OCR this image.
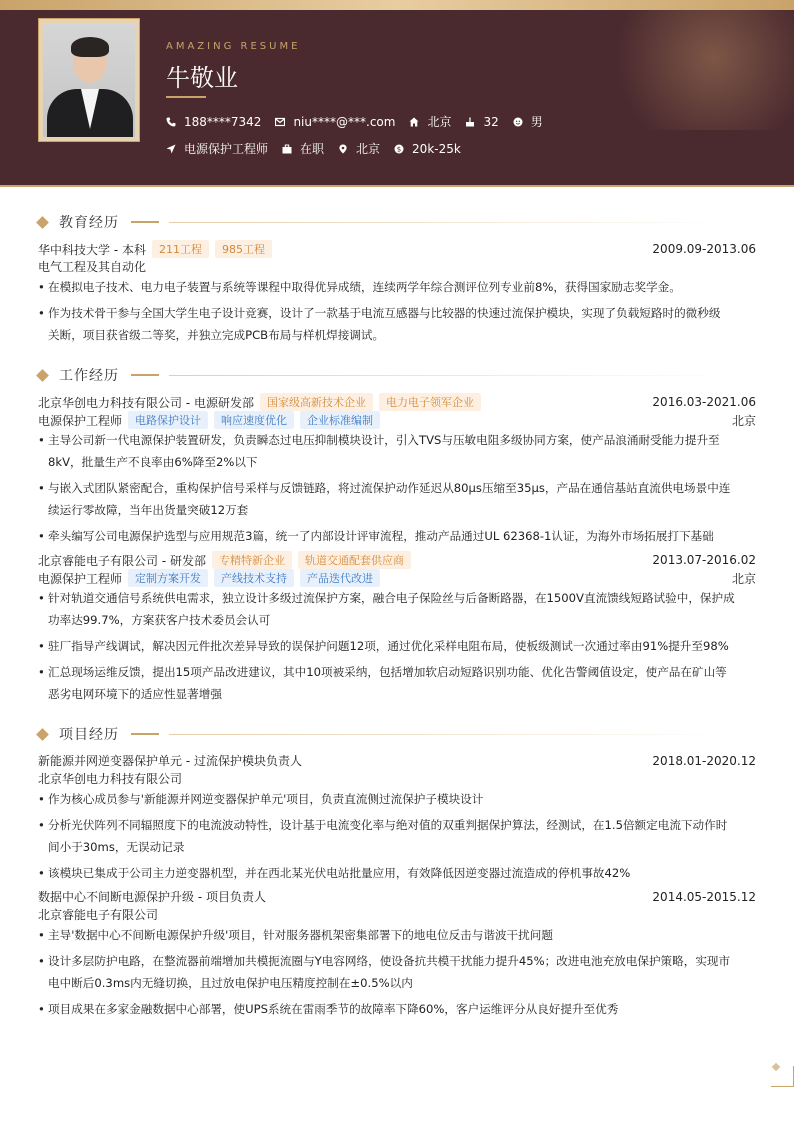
AMAZING RESUME
牛敬业
188****7342	niu****@***.com	北京	32	男
电源保护工程师	在职	北京 $ 20k-25k
教育经历
华中科技大学 - 本科	211工程	985工程	2009.09-2013.06
电气工程及其自动化
• 在模拟电子技术、电力电子装置与系统等课程中取得优异成绩，连续两学年综合测评位列专业前8%，获得国家励志奖学金。
• 作为技术骨干参与全国大学生电子设计竞赛，设计了一款基于电流互感器与比较器的快速过流保护模块，实现了负载短路时的微秒级
关断，项目获省级二等奖，并独立完成PCB布局与样机焊接调试。
工作经历
北京华创电力科技有限公司 - 电源研发部	国家级高新技术企业	电力电子领军企业	2016.03-2021.06
电源保护工程师	电路保护设计	响应速度优化	企业标准编制	北京
• 主导公司新一代电源保护装置研发，负责瞬态过电压抑制模块设计，引入TVS与压敏电阻多级协同方案，使产品浪涌耐受能力提升至
8kV，批量生产不良率由6%降至2%以下
• 与嵌入式团队紧密配合，重构保护信号采样与反馈链路，将过流保护动作延迟从80μs压缩至35μs，产品在通信基站直流供电场景中连
续运行零故障，当年出货量突破12万套
• 牵头编写公司电源保护选型与应用规范3篇，统一了内部设计评审流程，推动产品通过UL 62368-1认证，为海外市场拓展打下基础
北京睿能电子有限公司 - 研发部	专精特新企业	轨道交通配套供应商	2013.07-2016.02
电源保护工程师	定制方案开发	产线技术支持	产品迭代改进	北京
• 针对轨道交通信号系统供电需求，独立设计多级过流保护方案，融合电子保险丝与后备断路器，在1500V直流馈线短路试验中，保护成
功率达99.7%，方案获客户技术委员会认可
• 驻厂指导产线调试，解决因元件批次差异导致的误保护问题12项，通过优化采样电阻布局，使板级测试一次通过率由91%提升至98%
• 汇总现场运维反馈，提出15项产品改进建议，其中10项被采纳，包括增加软启动短路识别功能、优化告警阈值设定，使产品在矿山等
恶劣电网环境下的适应性显著增强
项目经历
新能源并网逆变器保护单元 - 过流保护模块负责人	2018.01-2020.12
北京华创电力科技有限公司
• 作为核心成员参与'新能源并网逆变器保护单元'项目，负责直流侧过流保护子模块设计
• 分析光伏阵列不同辐照度下的电流波动特性，设计基于电流变化率与绝对值的双重判据保护算法，经测试，在1.5倍额定电流下动作时
间小于30ms，无误动记录
• 该模块已集成于公司主力逆变器机型，并在西北某光伏电站批量应用，有效降低因逆变器过流造成的停机事故42%
数据中心不间断电源保护升级 - 项目负责人	2014.05-2015.12
北京睿能电子有限公司
• 主导'数据中心不间断电源保护升级'项目，针对服务器机架密集部署下的地电位反击与谐波干扰问题
• 设计多层防护电路，在整流器前端增加共模扼流圈与Y电容网络，使设备抗共模干扰能力提升45%；改进电池充放电保护策略，实现市
电中断后0.3ms内无缝切换，且过放电保护电压精度控制在±0.5%以内
• 项目成果在多家金融数据中心部署，使UPS系统在雷雨季节的故障率下降60%，客户运维评分从良好提升至优秀
